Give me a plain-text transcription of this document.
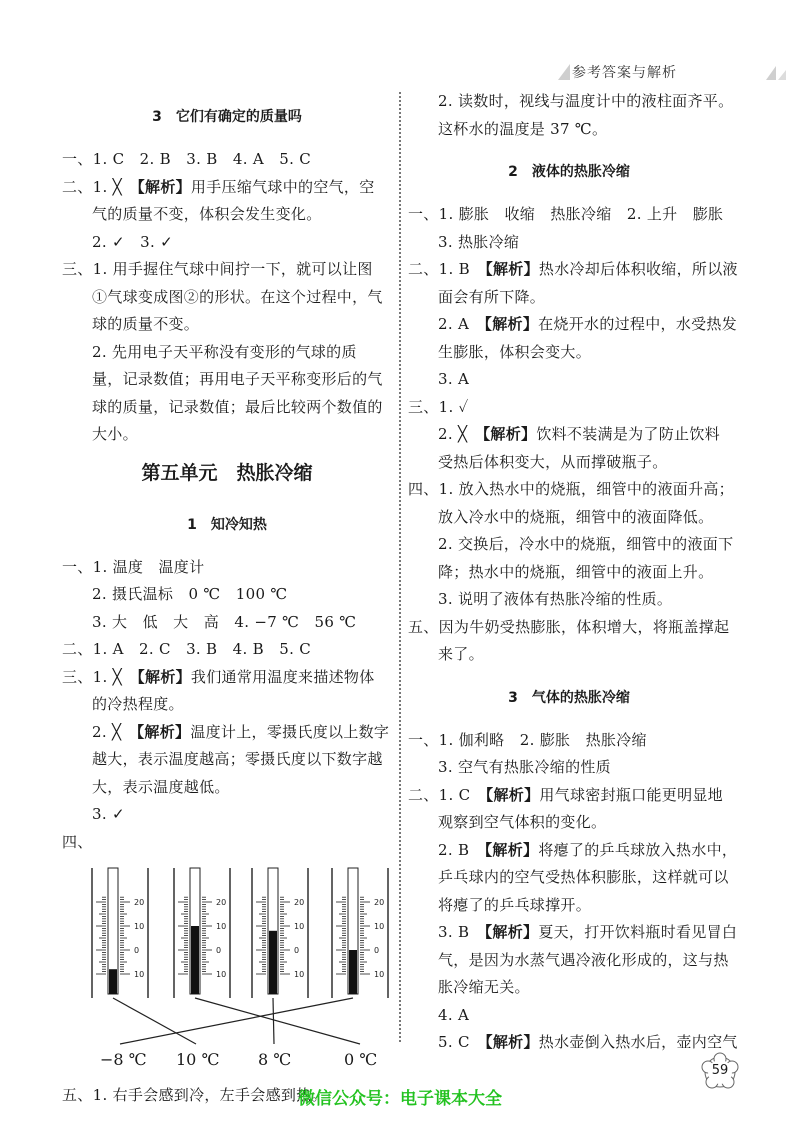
参考答案与解析

3　它们有确定的质量吗

一、1. C　2. B　3. B　4. A　5. C

二、1. ╳　【解析】用手压缩气球中的空气，空

气的质量不变，体积会发生变化。

2. ✓　3. ✓

三、1. 用手握住气球中间拧一下，就可以让图

①气球变成图②的形状。在这个过程中，气

球的质量不变。

2. 先用电子天平称没有变形的气球的质

量，记录数值；再用电子天平称变形后的气

球的质量，记录数值；最后比较两个数值的

大小。

第五单元　热胀冷缩

1　知冷知热

一、1. 温度　温度计

2. 摄氏温标　0 ℃　100 ℃

3. 大　低　大　高　4. −7 ℃　56 ℃

二、1. A　2. C　3. B　4. B　5. C

三、1. ╳　【解析】我们通常用温度来描述物体

的冷热程度。

2. ╳　【解析】温度计上，零摄氏度以上数字

越大，表示温度越高；零摄氏度以下数字越

大，表示温度越低。

3. ✓

四、

20
10
0
10
20
10
0
10
20
10
0
10
20
10
0
10
−8 ℃ 10 ℃ 8 ℃	0 ℃

五、1. 右手会感到冷，左手会感到热。

2. 读数时，视线与温度计中的液柱面齐平。

这杯水的温度是 37 ℃。

2　液体的热胀冷缩

一、1. 膨胀　收缩　热胀冷缩　2. 上升　膨胀

3. 热胀冷缩

二、1. B　【解析】热水冷却后体积收缩，所以液

面会有所下降。

2. A　【解析】在烧开水的过程中，水受热发

生膨胀，体积会变大。

3. A

三、1. ✓

2. ╳　【解析】饮料不装满是为了防止饮料

受热后体积变大，从而撑破瓶子。

四、1. 放入热水中的烧瓶，细管中的液面升高；

放入冷水中的烧瓶，细管中的液面降低。

2. 交换后，冷水中的烧瓶，细管中的液面下

降；热水中的烧瓶，细管中的液面上升。

3. 说明了液体有热胀冷缩的性质。

五、因为牛奶受热膨胀，体积增大，将瓶盖撑起

来了。

3　气体的热胀冷缩

一、1. 伽利略　2. 膨胀　热胀冷缩

3. 空气有热胀冷缩的性质

二、1. C　【解析】用气球密封瓶口能更明显地

观察到空气体积的变化。

2. B　【解析】将瘪了的乒乓球放入热水中，

乒乓球内的空气受热体积膨胀，这样就可以

将瘪了的乒乓球撑开。

3. B　【解析】夏天，打开饮料瓶时看见冒白

气，是因为水蒸气遇冷液化形成的，这与热

胀冷缩无关。

4. A

5. C　【解析】热水壶倒入热水后，壶内空气

59
微信公众号：电子课本大全
